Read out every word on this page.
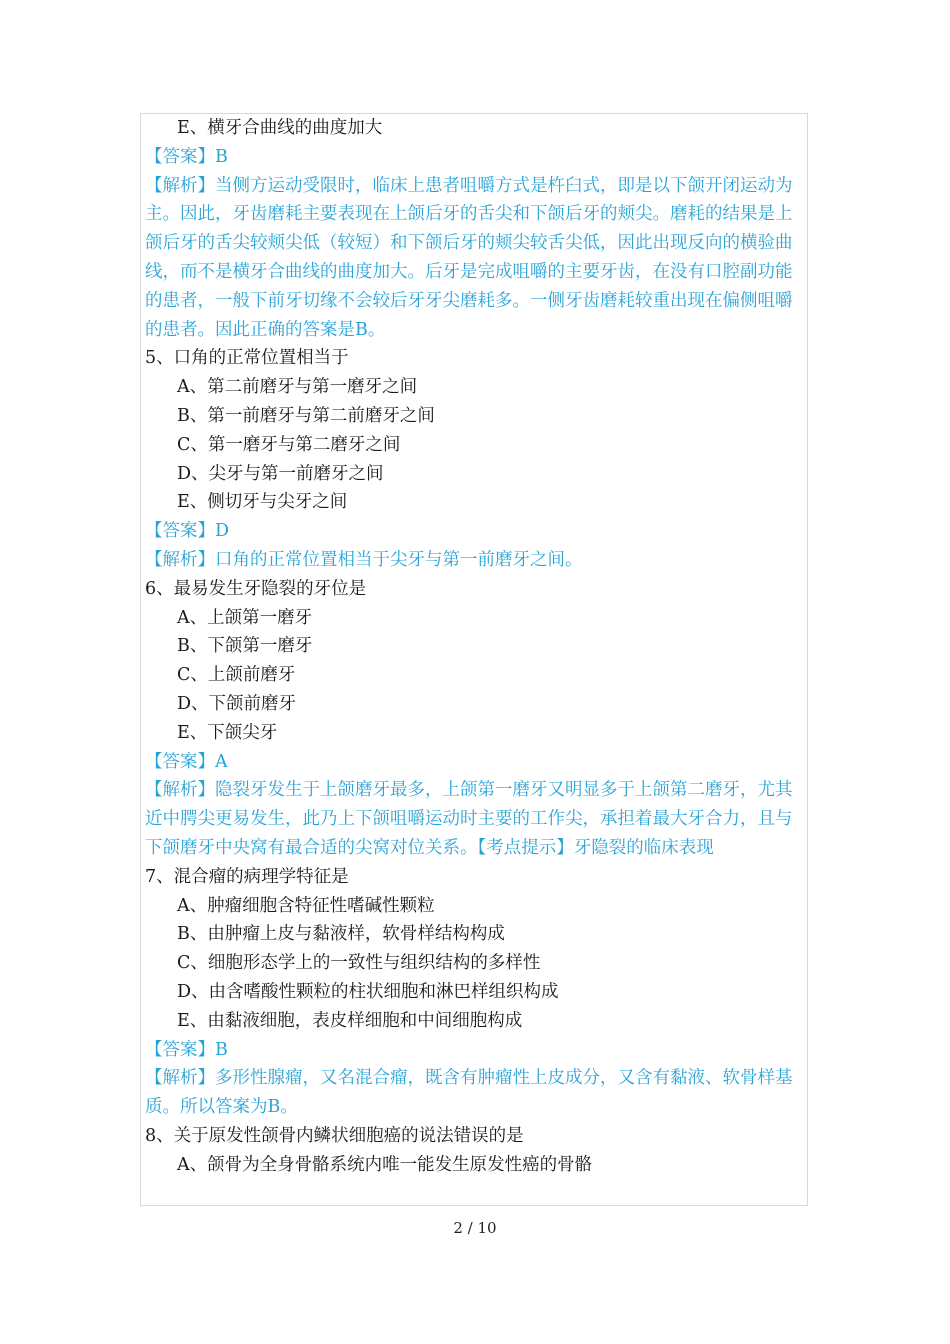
E、横牙合曲线的曲度加大
【答案】B
【解析】当侧方运动受限时，临床上患者咀嚼方式是杵臼式，即是以下颌开闭运动为主。因此，牙齿磨耗主要表现在上颌后牙的舌尖和下颌后牙的颊尖。磨耗的结果是上颌后牙的舌尖较颊尖低（较短）和下颌后牙的颊尖较舌尖低，因此出现反向的横验曲线，而不是横牙合曲线的曲度加大。后牙是完成咀嚼的主要牙齿，在没有口腔副功能的患者，一般下前牙切缘不会较后牙牙尖磨耗多。一侧牙齿磨耗较重出现在偏侧咀嚼的患者。因此正确的答案是B。
5、口角的正常位置相当于
A、第二前磨牙与第一磨牙之间
B、第一前磨牙与第二前磨牙之间
C、第一磨牙与第二磨牙之间
D、尖牙与第一前磨牙之间
E、侧切牙与尖牙之间
【答案】D
【解析】口角的正常位置相当于尖牙与第一前磨牙之间。
6、最易发生牙隐裂的牙位是
A、上颌第一磨牙
B、下颌第一磨牙
C、上颌前磨牙
D、下颌前磨牙
E、下颌尖牙
【答案】A
【解析】隐裂牙发生于上颌磨牙最多，上颌第一磨牙又明显多于上颌第二磨牙，尤其近中腭尖更易发生，此乃上下颌咀嚼运动时主要的工作尖，承担着最大牙合力，且与下颌磨牙中央窝有最合适的尖窝对位关系。【考点提示】牙隐裂的临床表现
7、混合瘤的病理学特征是
A、肿瘤细胞含特征性嗜碱性颗粒
B、由肿瘤上皮与黏液样，软骨样结构构成
C、细胞形态学上的一致性与组织结构的多样性
D、由含嗜酸性颗粒的柱状细胞和淋巴样组织构成
E、由黏液细胞，表皮样细胞和中间细胞构成
【答案】B
【解析】多形性腺瘤，又名混合瘤，既含有肿瘤性上皮成分，又含有黏液、软骨样基质。所以答案为B。
8、关于原发性颌骨内鳞状细胞癌的说法错误的是
A、颌骨为全身骨骼系统内唯一能发生原发性癌的骨骼
2 / 10
